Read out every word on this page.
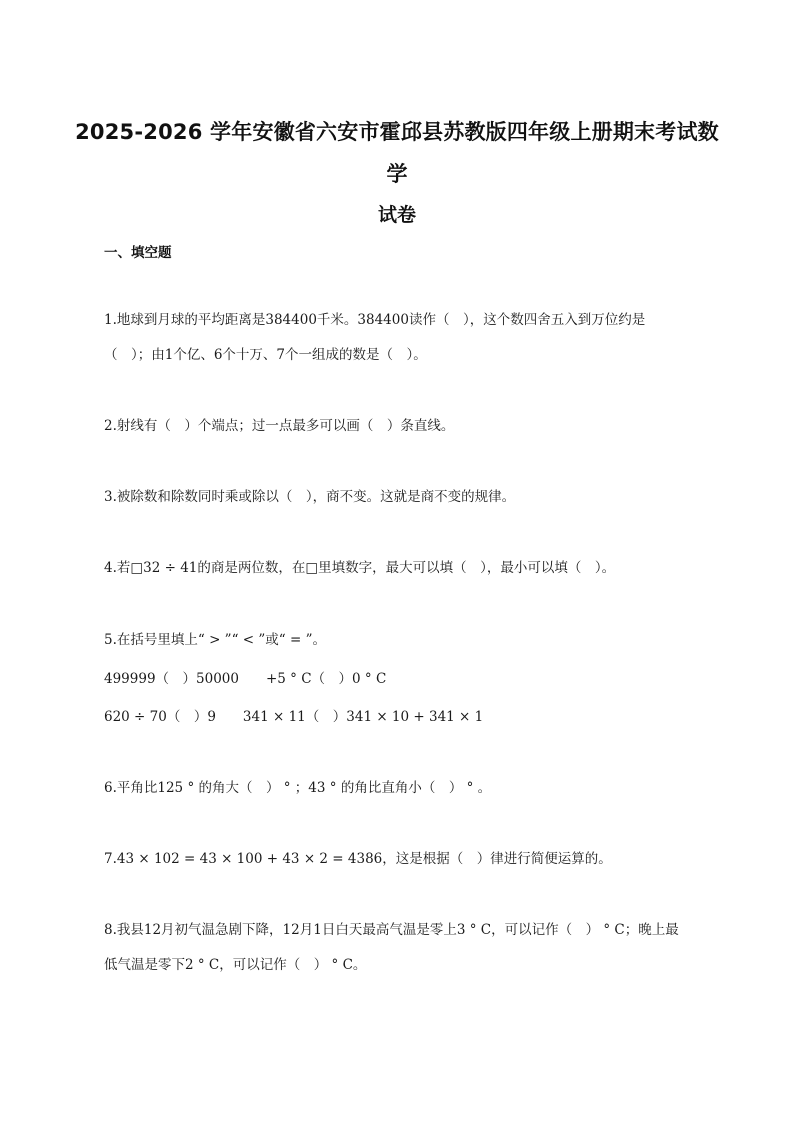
2025-2026 学年安徽省六安市霍邱县苏教版四年级上册期末考试数
学
试卷
一、填空题
1.地球到月球的平均距离是384400千米。384400读作（　），这个数四舍五入到万位约是
（　）；由1个亿、6个十万、7个一组成的数是（　）。
2.射线有（　）个端点；过一点最多可以画（　）条直线。
3.被除数和除数同时乘或除以（　），商不变。这就是商不变的规律。
4.若□32 ÷ 41的商是两位数，在□里填数字，最大可以填（　），最小可以填（　）。
5.在括号里填上“ > ”“ < ”或“ = ”。
499999（　）50000　　+5 ° C（　）0 ° C
620 ÷ 70（　）9　　341 × 11（　）341 × 10 + 341 × 1
6.平角比125 ° 的角大（　） ° ；43 ° 的角比直角小（　） ° 。
7.43 × 102 = 43 × 100 + 43 × 2 = 4386，这是根据（　）律进行简便运算的。
8.我县12月初气温急剧下降，12月1日白天最高气温是零上3 ° C，可以记作（　） ° C；晚上最
低气温是零下2 ° C，可以记作（　） ° C。
